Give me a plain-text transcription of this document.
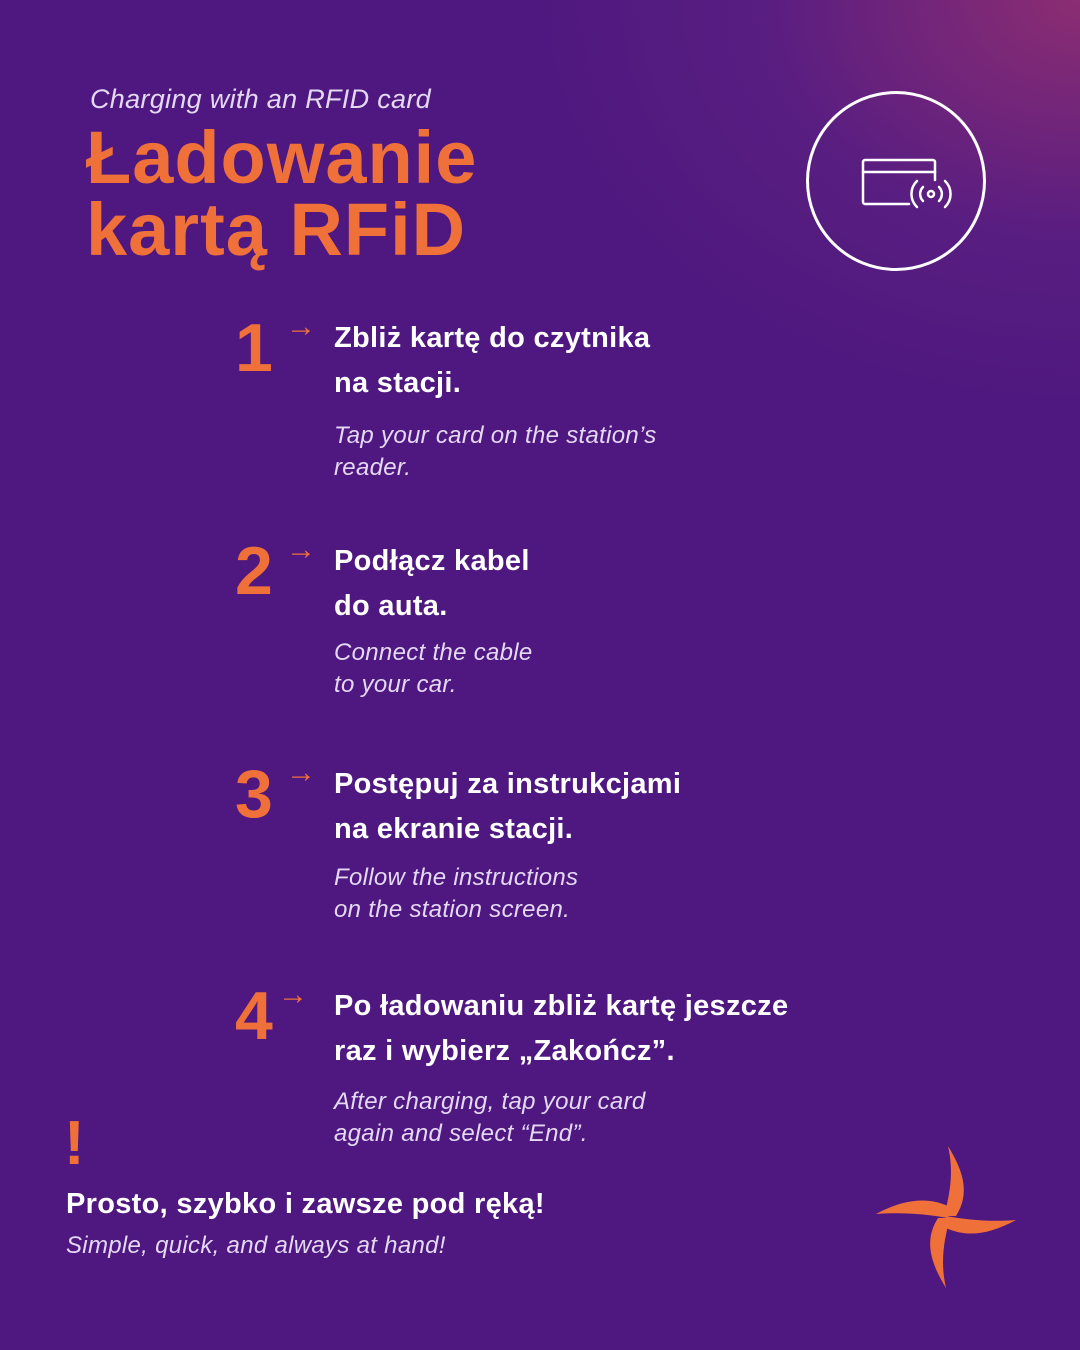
Charging with an RFID card
Ładowanie
kartą RFiD
1 → Zbliż kartę do czytnika
na stacji.
Tap your card on the station’s
reader.
2 → Podłącz kabel
do auta.
Connect the cable
to your car.
3 → Postępuj za instrukcjami
na ekranie stacji.
Follow the instructions
on the station screen.
4 → Po ładowaniu zbliż kartę jeszcze
raz i wybierz „Zakończ”.
After charging, tap your card
again and select “End”.
!
Prosto, szybko i zawsze pod ręką!
Simple, quick, and always at hand!
